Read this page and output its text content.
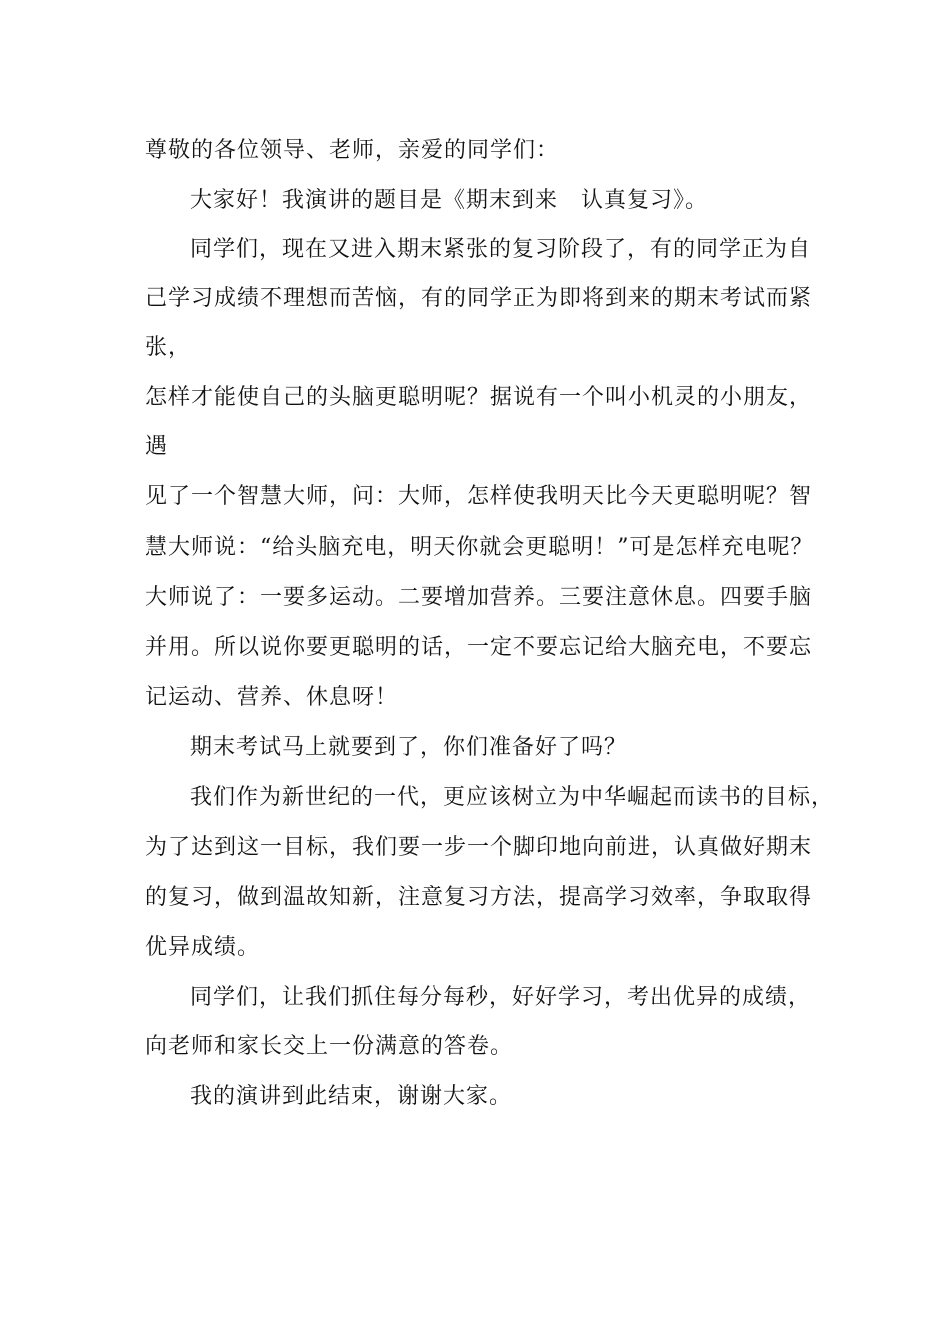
尊敬的各位领导、老师，亲爱的同学们：
大家好！我演讲的题目是《期末到来　认真复习》。
同学们，现在又进入期末紧张的复习阶段了，有的同学正为自
己学习成绩不理想而苦恼，有的同学正为即将到来的期末考试而紧
张，
怎样才能使自己的头脑更聪明呢？据说有一个叫小机灵的小朋友，
遇
见了一个智慧大师，问：大师，怎样使我明天比今天更聪明呢？智
慧大师说：“给头脑充电，明天你就会更聪明！”可是怎样充电呢？
大师说了：一要多运动。二要增加营养。三要注意休息。四要手脑
并用。所以说你要更聪明的话，一定不要忘记给大脑充电，不要忘
记运动、营养、休息呀！
期末考试马上就要到了，你们准备好了吗？
我们作为新世纪的一代，更应该树立为中华崛起而读书的目标，
为了达到这一目标，我们要一步一个脚印地向前进，认真做好期末
的复习，做到温故知新，注意复习方法，提高学习效率，争取取得
优异成绩。
同学们，让我们抓住每分每秒，好好学习，考出优异的成绩，
向老师和家长交上一份满意的答卷。
我的演讲到此结束，谢谢大家。
